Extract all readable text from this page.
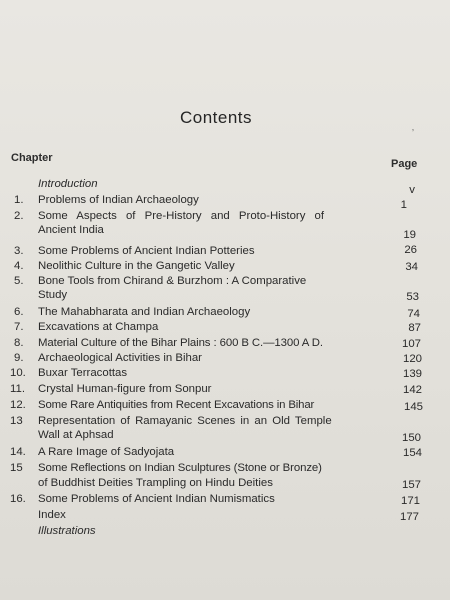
Contents
ʼ
Chapter	Page
Introduction	v
1. Problems of Indian Archaeology	1
2. Some Aspects of Pre-History and Proto-History of
Ancient India	19
3. Some Problems of Ancient Indian Potteries	26
4. Neolithic Culture in the Gangetic Valley	34
5. Bone Tools from Chirand & Burzhom : A Comparative
Study	53
6. The Mahabharata and Indian Archaeology	74
7. Excavations at Champa	87
8. Material Culture of the Bihar Plains : 600 B C.—1300 A D.	107
9. Archaeological Activities in Bihar	120
10. Buxar Terracottas	139
11. Crystal Human-figure from Sonpur	142
12. Some Rare Antiquities from Recent Excavations in Bihar	145
13 Representation of Ramayanic Scenes in an Old Temple
Wall at Aphsad	150
14. A Rare Image of Sadyojata	154
15 Some Reflections on Indian Sculptures (Stone or Bronze)
of Buddhist Deities Trampling on Hindu Deities	157
16. Some Problems of Ancient Indian Numismatics	171
Index	177
Illustrations
